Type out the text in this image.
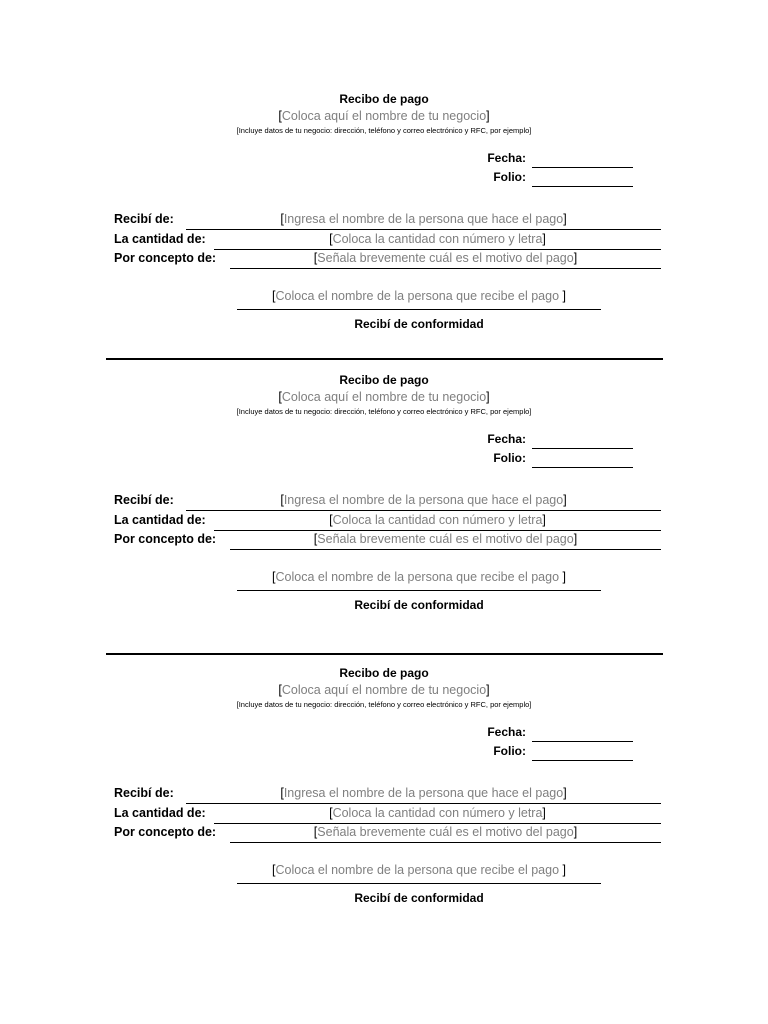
Recibo de pago
[Coloca aquí el nombre de tu negocio]
[Incluye datos de tu negocio: dirección, teléfono y correo electrónico y RFC, por ejemplo]
Fecha:
Folio:
Recibí de:	[Ingresa el nombre de la persona que hace el pago]
La cantidad de:	[Coloca la cantidad con número y letra]
Por concepto de:	[Señala brevemente cuál es el motivo del pago]
[Coloca el nombre de la persona que recibe el pago ]
Recibí de conformidad
Recibo de pago
[Coloca aquí el nombre de tu negocio]
[Incluye datos de tu negocio: dirección, teléfono y correo electrónico y RFC, por ejemplo]
Fecha:
Folio:
Recibí de:	[Ingresa el nombre de la persona que hace el pago]
La cantidad de:	[Coloca la cantidad con número y letra]
Por concepto de:	[Señala brevemente cuál es el motivo del pago]
[Coloca el nombre de la persona que recibe el pago ]
Recibí de conformidad
Recibo de pago
[Coloca aquí el nombre de tu negocio]
[Incluye datos de tu negocio: dirección, teléfono y correo electrónico y RFC, por ejemplo]
Fecha:
Folio:
Recibí de:	[Ingresa el nombre de la persona que hace el pago]
La cantidad de:	[Coloca la cantidad con número y letra]
Por concepto de:	[Señala brevemente cuál es el motivo del pago]
[Coloca el nombre de la persona que recibe el pago ]
Recibí de conformidad
